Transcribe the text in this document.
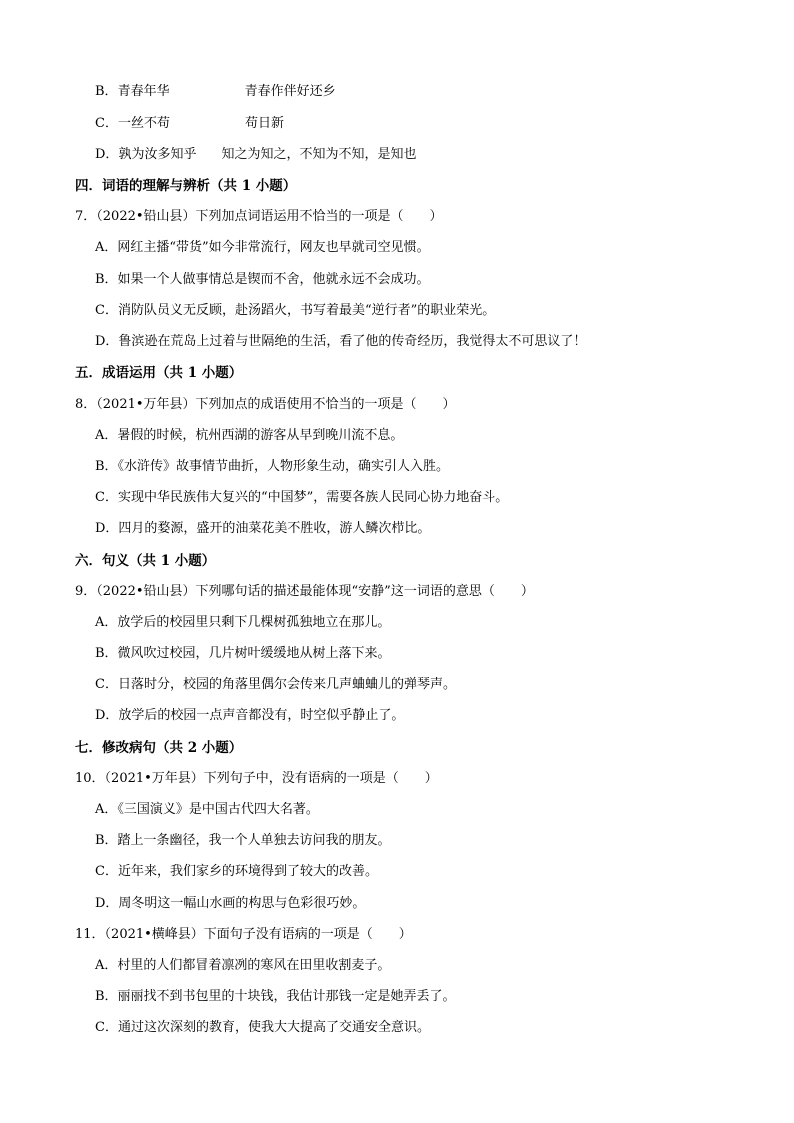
B．青春年华	青春作伴好还乡
C．一丝不苟	苟日新
D．孰为汝多知乎 知之为知之，不知为不知，是知也
四．词语的理解与辨析（共 1 小题）
7．（2022•铅山县）下列加点词语运用不恰当的一项是（　　）
A．网红主播“带货”如今非常流行，网友也早就司空见惯。
B．如果一个人做事情总是锲而不舍，他就永远不会成功。
C．消防队员义无反顾，赴汤蹈火，书写着最美“逆行者”的职业荣光。
D．鲁滨逊在荒岛上过着与世隔绝的生活，看了他的传奇经历，我觉得太不可思议了！
五．成语运用（共 1 小题）
8．（2021•万年县）下列加点的成语使用不恰当的一项是（　　）
A．暑假的时候，杭州西湖的游客从早到晚川流不息。
B．《水浒传》故事情节曲折，人物形象生动，确实引人入胜。
C．实现中华民族伟大复兴的“中国梦”，需要各族人民同心协力地奋斗。
D．四月的婺源，盛开的油菜花美不胜收，游人鳞次栉比。
六．句义（共 1 小题）
9．（2022•铅山县）下列哪句话的描述最能体现“安静”这一词语的意思（　　）
A．放学后的校园里只剩下几棵树孤独地立在那儿。
B．微风吹过校园，几片树叶缓缓地从树上落下来。
C．日落时分，校园的角落里偶尔会传来几声蛐蛐儿的弹琴声。
D．放学后的校园一点声音都没有，时空似乎静止了。
七．修改病句（共 2 小题）
10．（2021•万年县）下列句子中，没有语病的一项是（　　）
A．《三国演义》是中国古代四大名著。
B．踏上一条幽径，我一个人单独去访问我的朋友。
C．近年来，我们家乡的环境得到了较大的改善。
D．周冬明这一幅山水画的构思与色彩很巧妙。
11．（2021•横峰县）下面句子没有语病的一项是（　　）
A．村里的人们都冒着凛冽的寒风在田里收割麦子。
B．丽丽找不到书包里的十块钱，我估计那钱一定是她弄丢了。
C．通过这次深刻的教育，使我大大提高了交通安全意识。
